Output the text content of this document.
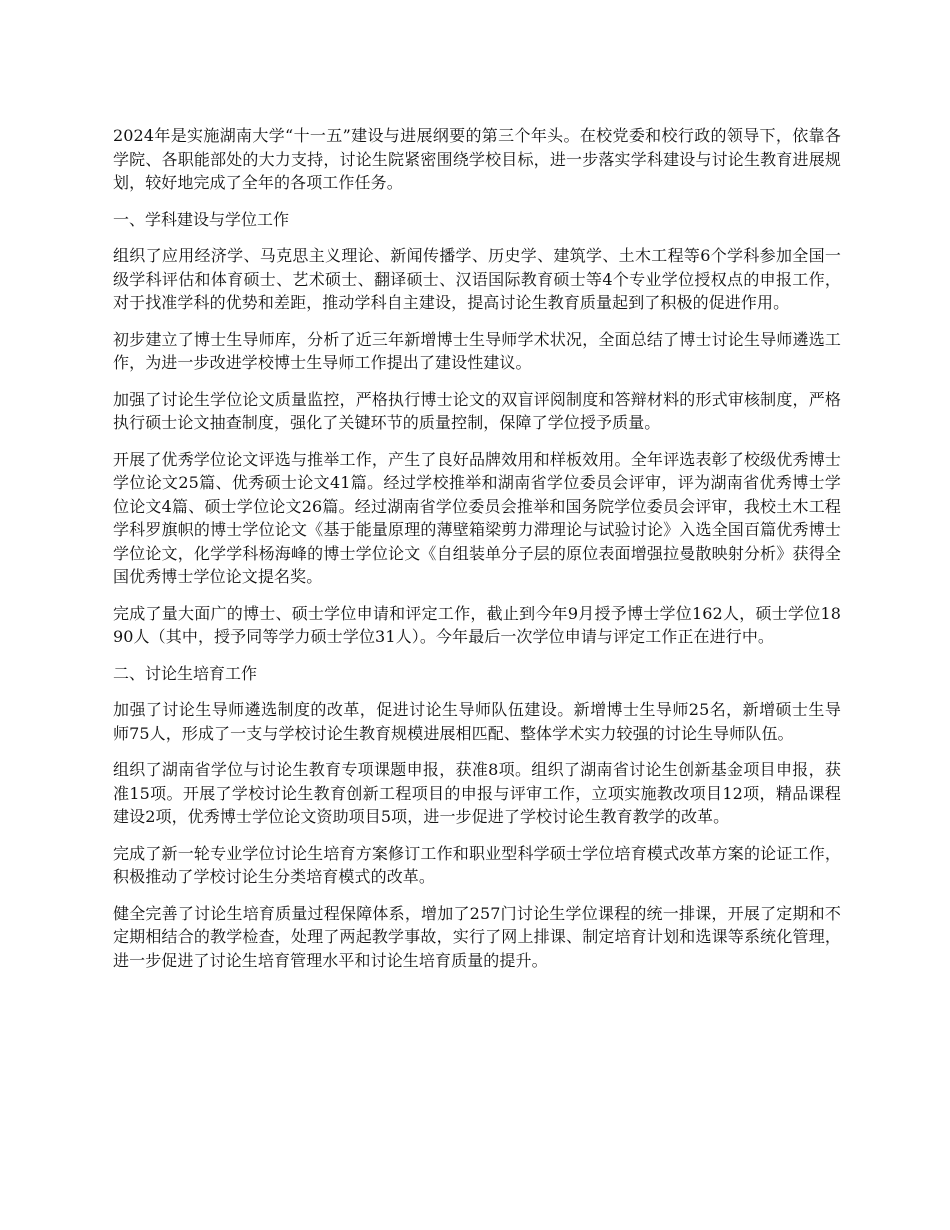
2024年是实施湖南大学“十一五”建设与进展纲要的第三个年头。在校党委和校行政的领导下，依靠各学院、各职能部处的大力支持，讨论生院紧密围绕学校目标，进一步落实学科建设与讨论生教育进展规划，较好地完成了全年的各项工作任务。

一、学科建设与学位工作

组织了应用经济学、马克思主义理论、新闻传播学、历史学、建筑学、土木工程等6个学科参加全国一级学科评估和体育硕士、艺术硕士、翻译硕士、汉语国际教育硕士等4个专业学位授权点的申报工作，对于找准学科的优势和差距，推动学科自主建设，提高讨论生教育质量起到了积极的促进作用。

初步建立了博士生导师库，分析了近三年新增博士生导师学术状况，全面总结了博士讨论生导师遴选工作，为进一步改进学校博士生导师工作提出了建设性建议。

加强了讨论生学位论文质量监控，严格执行博士论文的双盲评阅制度和答辩材料的形式审核制度，严格执行硕士论文抽查制度，强化了关键环节的质量控制，保障了学位授予质量。

开展了优秀学位论文评选与推举工作，产生了良好品牌效用和样板效用。全年评选表彰了校级优秀博士学位论文25篇、优秀硕士论文41篇。经过学校推举和湖南省学位委员会评审，评为湖南省优秀博士学位论文4篇、硕士学位论文26篇。经过湖南省学位委员会推举和国务院学位委员会评审，我校土木工程学科罗旗帜的博士学位论文《基于能量原理的薄壁箱梁剪力滞理论与试验讨论》入选全国百篇优秀博士学位论文，化学学科杨海峰的博士学位论文《自组装单分子层的原位表面增强拉曼散映射分析》获得全国优秀博士学位论文提名奖。

完成了量大面广的博士、硕士学位申请和评定工作，截止到今年9月授予博士学位162人，硕士学位1890人（其中，授予同等学力硕士学位31人）。今年最后一次学位申请与评定工作正在进行中。

二、讨论生培育工作

加强了讨论生导师遴选制度的改革，促进讨论生导师队伍建设。新增博士生导师25名，新增硕士生导师75人，形成了一支与学校讨论生教育规模进展相匹配、整体学术实力较强的讨论生导师队伍。

组织了湖南省学位与讨论生教育专项课题申报，获准8项。组织了湖南省讨论生创新基金项目申报，获准15项。开展了学校讨论生教育创新工程项目的申报与评审工作，立项实施教改项目12项，精品课程建设2项，优秀博士学位论文资助项目5项，进一步促进了学校讨论生教育教学的改革。

完成了新一轮专业学位讨论生培育方案修订工作和职业型科学硕士学位培育模式改革方案的论证工作，积极推动了学校讨论生分类培育模式的改革。

健全完善了讨论生培育质量过程保障体系，增加了257门讨论生学位课程的统一排课，开展了定期和不定期相结合的教学检查，处理了两起教学事故，实行了网上排课、制定培育计划和选课等系统化管理，进一步促进了讨论生培育管理水平和讨论生培育质量的提升。
